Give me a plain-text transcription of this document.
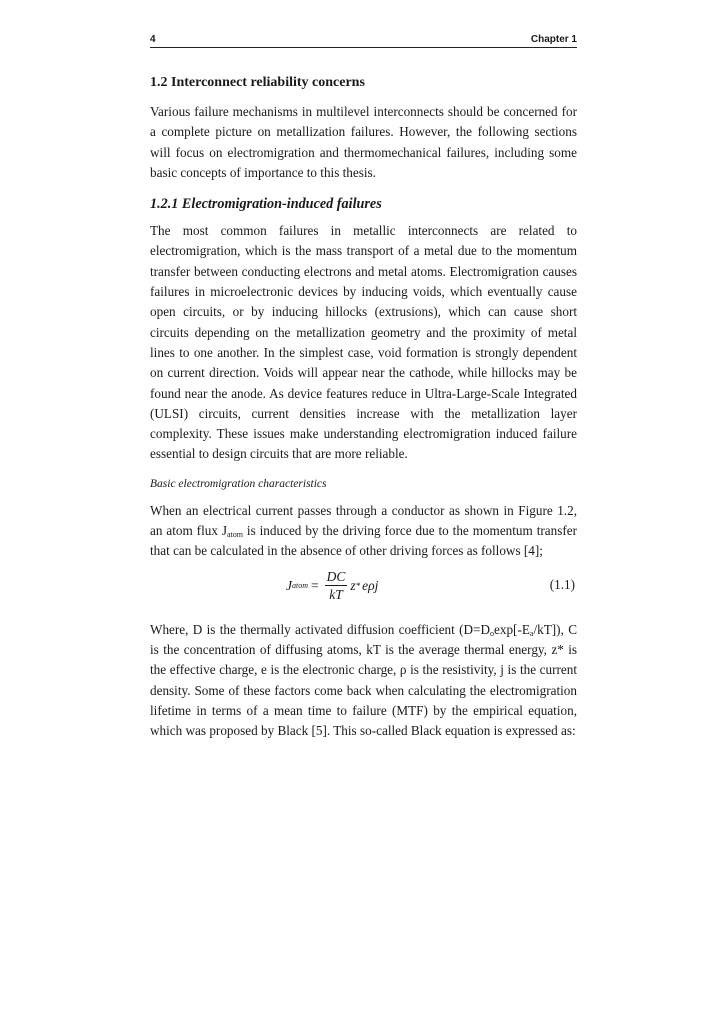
4	Chapter 1
1.2 Interconnect reliability concerns

Various failure mechanisms in multilevel interconnects should be concerned for a complete picture on metallization failures. However, the following sections will focus on electromigration and thermomechanical failures, including some basic concepts of importance to this thesis.

1.2.1 Electromigration-induced failures

The most common failures in metallic interconnects are related to electromigration, which is the mass transport of a metal due to the momentum transfer between conducting electrons and metal atoms. Electromigration causes failures in microelectronic devices by inducing voids, which eventually cause open circuits, or by inducing hillocks (extrusions), which can cause short circuits depending on the metallization geometry and the proximity of metal lines to one another. In the simplest case, void formation is strongly dependent on current direction. Voids will appear near the cathode, while hillocks may be found near the anode. As device features reduce in Ultra-Large-Scale Integrated (ULSI) circuits, current densities increase with the metallization layer complexity. These issues make understanding electromigration induced failure essential to design circuits that are more reliable.

Basic electromigration characteristics

When an electrical current passes through a conductor as shown in Figure 1.2, an atom flux $J_{atom}$ is induced by the driving force due to the momentum transfer that can be calculated in the absence of other driving forces as follows [4];

J atom = $\frac{DC}{kT}$ z * eρj	(1.1)

Where, D is the thermally activated diffusion coefficient $(D=D_o\exp[-E_a/kT])$, C is the concentration of diffusing atoms, kT is the average thermal energy, z* is the effective charge, e is the electronic charge, ρ is the resistivity, j is the current density. Some of these factors come back when calculating the electromigration lifetime in terms of a mean time to failure (MTF) by the empirical equation, which was proposed by Black [5]. This so-called Black equation is expressed as:
